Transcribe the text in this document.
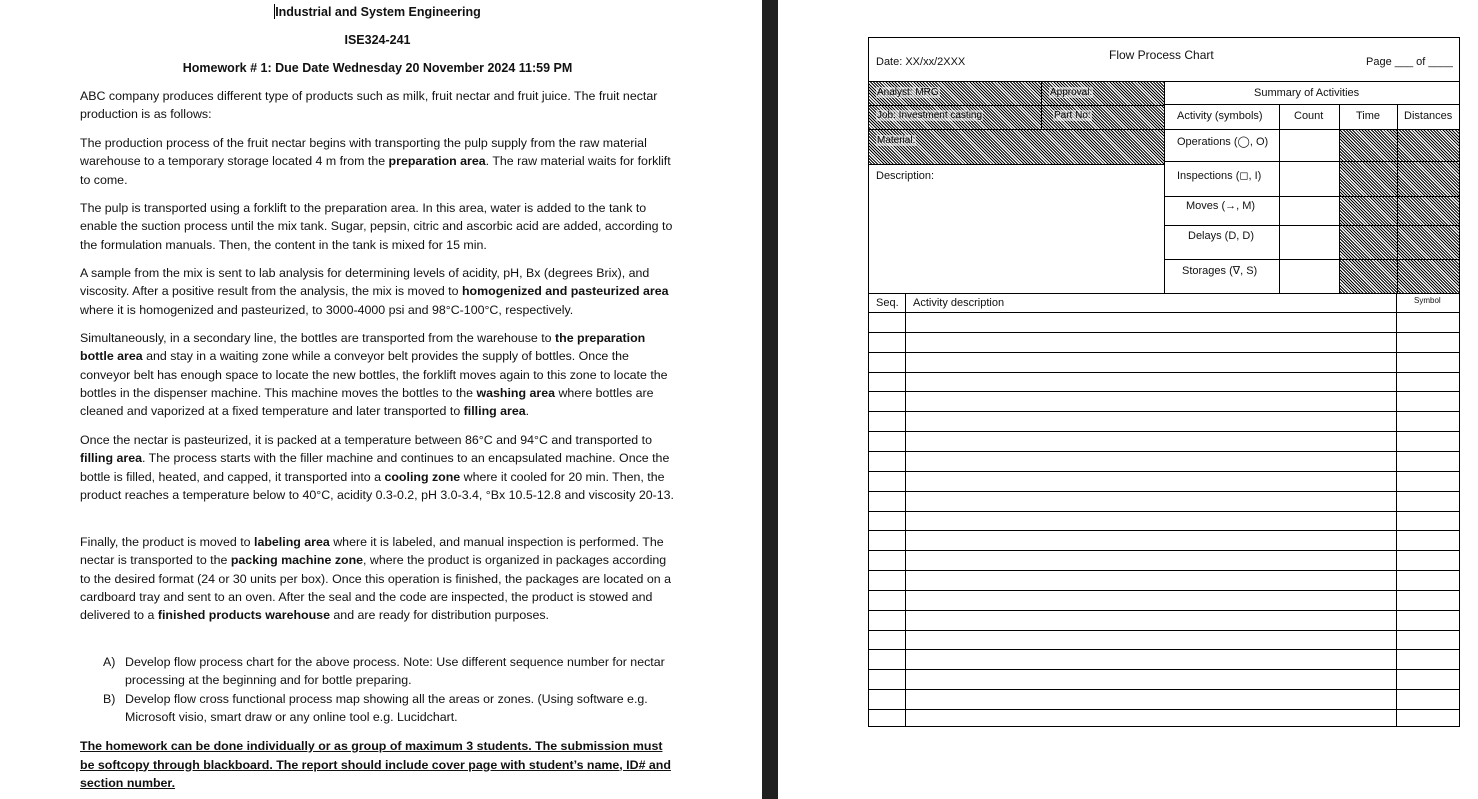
Industrial and System Engineering
ISE324-241
Homework # 1: Due Date Wednesday 20 November 2024 11:59 PM

ABC company produces different type of products such as milk, fruit nectar and fruit juice. The fruit nectar production is as follows:

The production process of the fruit nectar begins with transporting the pulp supply from the raw material warehouse to a temporary storage located 4 m from the preparation area. The raw material waits for forklift to come.

The pulp is transported using a forklift to the preparation area. In this area, water is added to the tank to enable the suction process until the mix tank. Sugar, pepsin, citric and ascorbic acid are added, according to the formulation manuals. Then, the content in the tank is mixed for 15 min.

A sample from the mix is sent to lab analysis for determining levels of acidity, pH, Bx (degrees Brix), and viscosity. After a positive result from the analysis, the mix is moved to homogenized and pasteurized area where it is homogenized and pasteurized, to 3000-4000 psi and 98°C-100°C, respectively.

Simultaneously, in a secondary line, the bottles are transported from the warehouse to the preparation bottle area and stay in a waiting zone while a conveyor belt provides the supply of bottles. Once the conveyor belt has enough space to locate the new bottles, the forklift moves again to this zone to locate the bottles in the dispenser machine. This machine moves the bottles to the washing area where bottles are cleaned and vaporized at a fixed temperature and later transported to filling area.

Once the nectar is pasteurized, it is packed at a temperature between 86°C and 94°C and transported to filling area. The process starts with the filler machine and continues to an encapsulated machine. Once the bottle is filled, heated, and capped, it transported into a cooling zone where it cooled for 20 min. Then, the product reaches a temperature below to 40°C, acidity 0.3-0.2, pH 3.0-3.4, °Bx 10.5-12.8 and viscosity 20-13.

Finally, the product is moved to labeling area where it is labeled, and manual inspection is performed. The nectar is transported to the packing machine zone, where the product is organized in packages according to the desired format (24 or 30 units per box). Once this operation is finished, the packages are located on a cardboard tray and sent to an oven. After the seal and the code are inspected, the product is stowed and delivered to a finished products warehouse and are ready for distribution purposes.

A) Develop flow process chart for the above process. Note: Use different sequence number for nectar processing at the beginning and for bottle preparing.
B) Develop flow cross functional process map showing all the areas or zones. (Using software e.g. Microsoft visio, smart draw or any online tool e.g. Lucidchart.
The homework can be done individually or as group of maximum 3 students. The submission must be softcopy through blackboard. The report should include cover page with student’s name, ID# and section number.
Flow Process Chart
Date: XX/xx/2XXX	Page ___ of ____
Analyst: MRG	Approval:
Job: Investment casting	Part No:
Material:
Description:
Summary of Activities
Activity (symbols)	Count	Time Distances
Operations (◯, O)
Inspections (◻, I)
Moves (→, M)
Delays (D, D)
Storages (∇, S)
Seq. Activity description	Symbol
